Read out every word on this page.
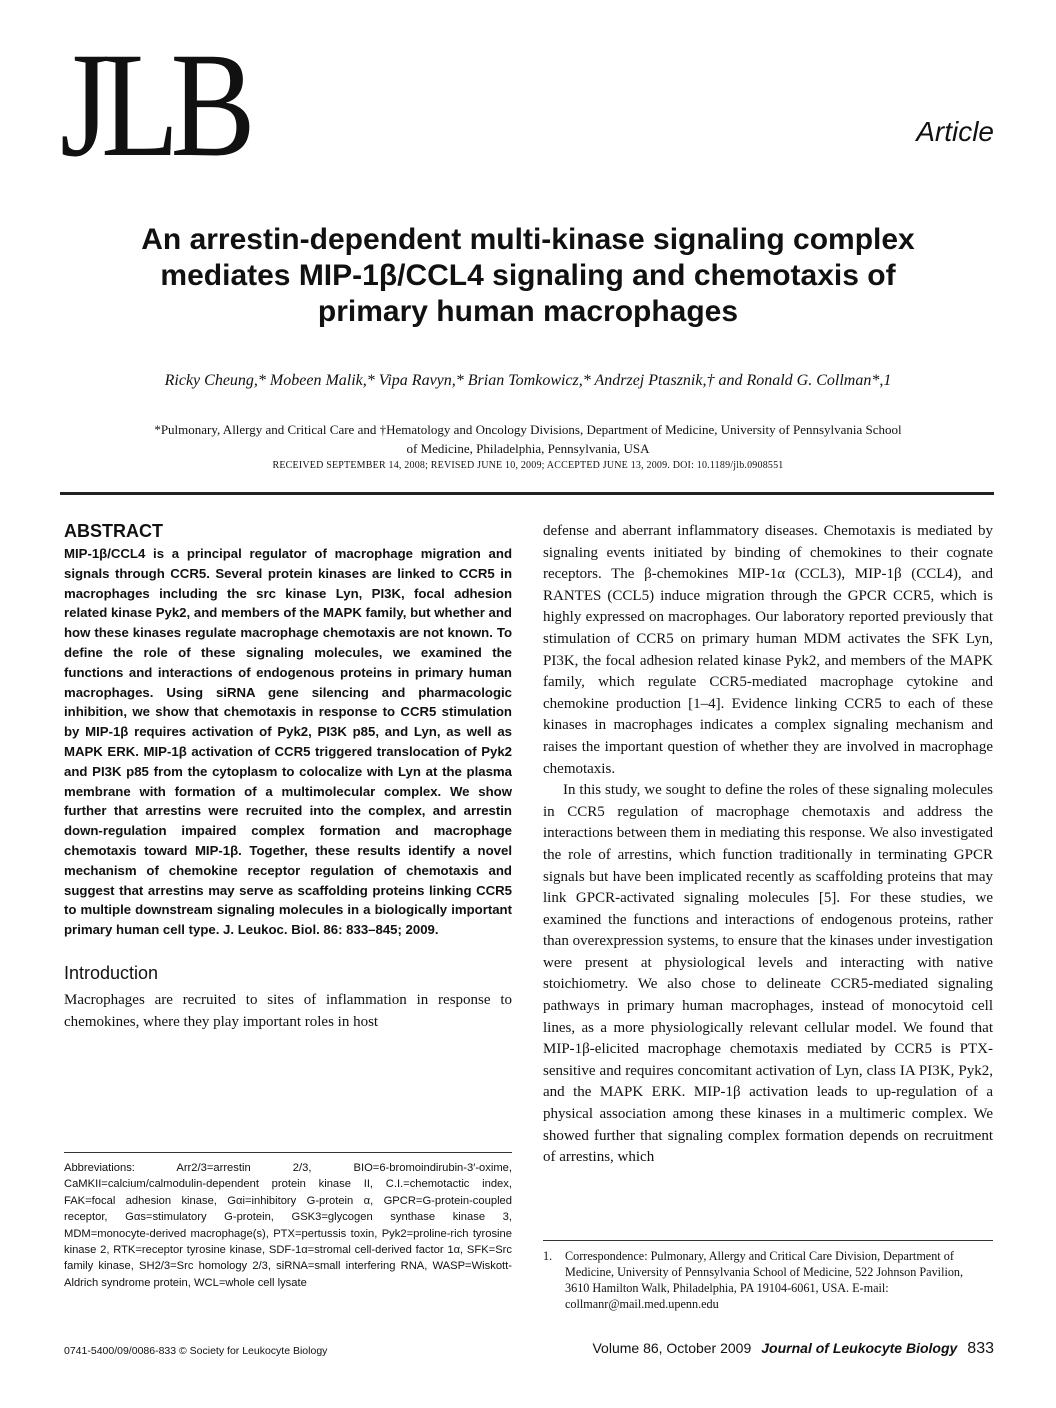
JLB	Article
An arrestin-dependent multi-kinase signaling complex mediates MIP-1β/CCL4 signaling and chemotaxis of primary human macrophages
Ricky Cheung,* Mobeen Malik,* Vipa Ravyn,* Brian Tomkowicz,* Andrzej Ptasznik,† and Ronald G. Collman*,1
*Pulmonary, Allergy and Critical Care and †Hematology and Oncology Divisions, Department of Medicine, University of Pennsylvania School of Medicine, Philadelphia, Pennsylvania, USA
RECEIVED SEPTEMBER 14, 2008; REVISED JUNE 10, 2009; ACCEPTED JUNE 13, 2009. DOI: 10.1189/jlb.0908551
ABSTRACT

MIP-1β/CCL4 is a principal regulator of macrophage migration and signals through CCR5. Several protein kinases are linked to CCR5 in macrophages including the src kinase Lyn, PI3K, focal adhesion related kinase Pyk2, and members of the MAPK family, but whether and how these kinases regulate macrophage chemotaxis are not known. To define the role of these signaling molecules, we examined the functions and interactions of endogenous proteins in primary human macrophages. Using siRNA gene silencing and pharmacologic inhibition, we show that chemotaxis in response to CCR5 stimulation by MIP-1β requires activation of Pyk2, PI3K p85, and Lyn, as well as MAPK ERK. MIP-1β activation of CCR5 triggered translocation of Pyk2 and PI3K p85 from the cytoplasm to colocalize with Lyn at the plasma membrane with formation of a multimolecular complex. We show further that arrestins were recruited into the complex, and arrestin down-regulation impaired complex formation and macrophage chemotaxis toward MIP-1β. Together, these results identify a novel mechanism of chemokine receptor regulation of chemotaxis and suggest that arrestins may serve as scaffolding proteins linking CCR5 to multiple downstream signaling molecules in a biologically important primary human cell type. J. Leukoc. Biol. 86: 833–845; 2009.

Introduction

Macrophages are recruited to sites of inflammation in response to chemokines, where they play important roles in host

defense and aberrant inflammatory diseases. Chemotaxis is mediated by signaling events initiated by binding of chemokines to their cognate receptors. The β-chemokines MIP-1α (CCL3), MIP-1β (CCL4), and RANTES (CCL5) induce migration through the GPCR CCR5, which is highly expressed on macrophages. Our laboratory reported previously that stimulation of CCR5 on primary human MDM activates the SFK Lyn, PI3K, the focal adhesion related kinase Pyk2, and members of the MAPK family, which regulate CCR5-mediated macrophage cytokine and chemokine production [1–4]. Evidence linking CCR5 to each of these kinases in macrophages indicates a complex signaling mechanism and raises the important question of whether they are involved in macrophage chemotaxis.

In this study, we sought to define the roles of these signaling molecules in CCR5 regulation of macrophage chemotaxis and address the interactions between them in mediating this response. We also investigated the role of arrestins, which function traditionally in terminating GPCR signals but have been implicated recently as scaffolding proteins that may link GPCR-activated signaling molecules [5]. For these studies, we examined the functions and interactions of endogenous proteins, rather than overexpression systems, to ensure that the kinases under investigation were present at physiological levels and interacting with native stoichiometry. We also chose to delineate CCR5-mediated signaling pathways in primary human macrophages, instead of monocytoid cell lines, as a more physiologically relevant cellular model. We found that MIP-1β-elicited macrophage chemotaxis mediated by CCR5 is PTX-sensitive and requires concomitant activation of Lyn, class IA PI3K, Pyk2, and the MAPK ERK. MIP-1β activation leads to up-regulation of a physical association among these kinases in a multimeric complex. We showed further that signaling complex formation depends on recruitment of arrestins, which

Abbreviations: Arr2/3=arrestin 2/3, BIO=6-bromoindirubin-3′-oxime, CaMKII=calcium/calmodulin-dependent protein kinase II, C.I.=chemotactic index, FAK=focal adhesion kinase, Gαi=inhibitory G-protein α, GPCR=G-protein-coupled receptor, Gαs=stimulatory G-protein, GSK3=glycogen synthase kinase 3, MDM=monocyte-derived macrophage(s), PTX=pertussis toxin, Pyk2=proline-rich tyrosine kinase 2, RTK=receptor tyrosine kinase, SDF-1α=stromal cell-derived factor 1α, SFK=Src family kinase, SH2/3=Src homology 2/3, siRNA=small interfering RNA, WASP=Wiskott-Aldrich syndrome protein, WCL=whole cell lysate
1. Correspondence: Pulmonary, Allergy and Critical Care Division, Department of Medicine, University of Pennsylvania School of Medicine, 522 Johnson Pavilion, 3610 Hamilton Walk, Philadelphia, PA 19104-6061, USA. E-mail: collmanr@mail.med.upenn.edu
0741-5400/09/0086-833 © Society for Leukocyte Biology	Volume 86, October 2009 Journal of Leukocyte Biology 833
